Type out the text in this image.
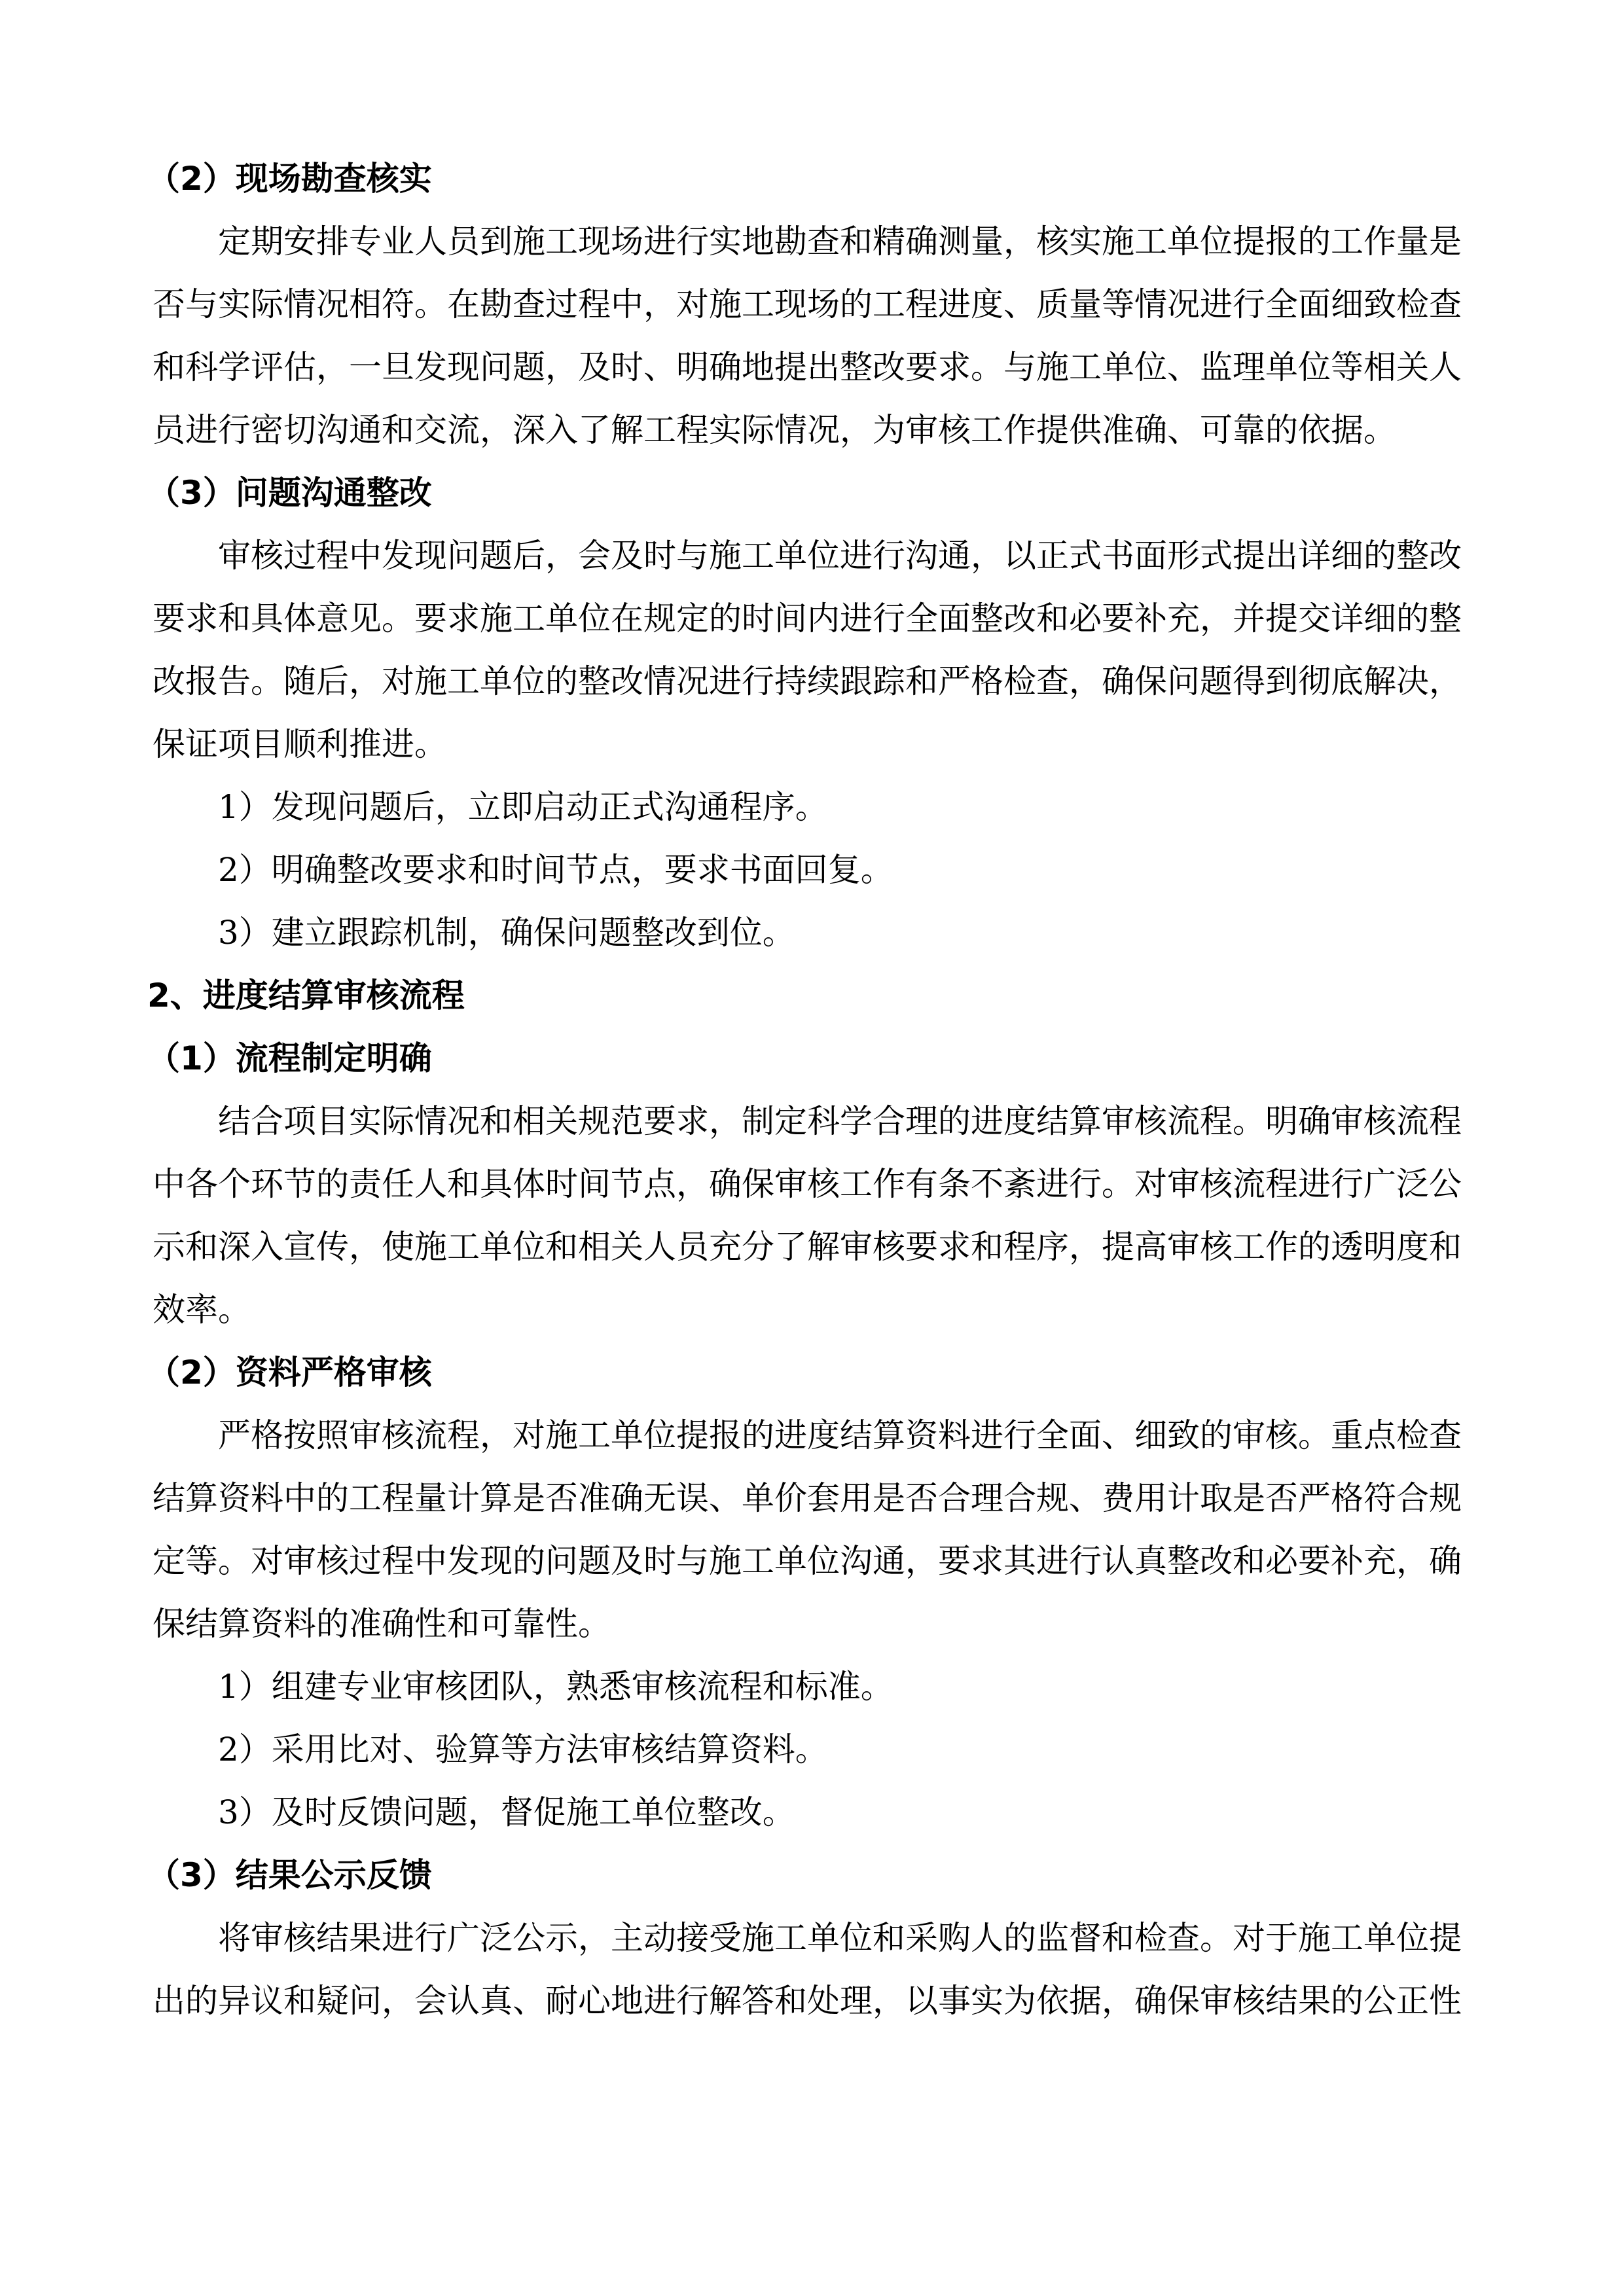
（2）现场勘查核实

定期安排专业人员到施工现场进行实地勘查和精确测量，核实施工单位提报的工作量是否与实际情况相符。在勘查过程中，对施工现场的工程进度、质量等情况进行全面细致检查和科学评估，一旦发现问题，及时、明确地提出整改要求。与施工单位、监理单位等相关人员进行密切沟通和交流，深入了解工程实际情况，为审核工作提供准确、可靠的依据。

（3）问题沟通整改

审核过程中发现问题后，会及时与施工单位进行沟通，以正式书面形式提出详细的整改要求和具体意见。要求施工单位在规定的时间内进行全面整改和必要补充，并提交详细的整改报告。随后，对施工单位的整改情况进行持续跟踪和严格检查，确保问题得到彻底解决，保证项目顺利推进。

1）发现问题后，立即启动正式沟通程序。

2）明确整改要求和时间节点，要求书面回复。

3）建立跟踪机制，确保问题整改到位。

2、进度结算审核流程
（1）流程制定明确

结合项目实际情况和相关规范要求，制定科学合理的进度结算审核流程。明确审核流程中各个环节的责任人和具体时间节点，确保审核工作有条不紊进行。对审核流程进行广泛公示和深入宣传，使施工单位和相关人员充分了解审核要求和程序，提高审核工作的透明度和效率。

（2）资料严格审核

严格按照审核流程，对施工单位提报的进度结算资料进行全面、细致的审核。重点检查结算资料中的工程量计算是否准确无误、单价套用是否合理合规、费用计取是否严格符合规定等。对审核过程中发现的问题及时与施工单位沟通，要求其进行认真整改和必要补充，确保结算资料的准确性和可靠性。

1）组建专业审核团队，熟悉审核流程和标准。

2）采用比对、验算等方法审核结算资料。

3）及时反馈问题，督促施工单位整改。

（3）结果公示反馈

将审核结果进行广泛公示，主动接受施工单位和采购人的监督和检查。对于施工单位提出的异议和疑问，会认真、耐心地进行解答和处理，以事实为依据，确保审核结果的公正性
